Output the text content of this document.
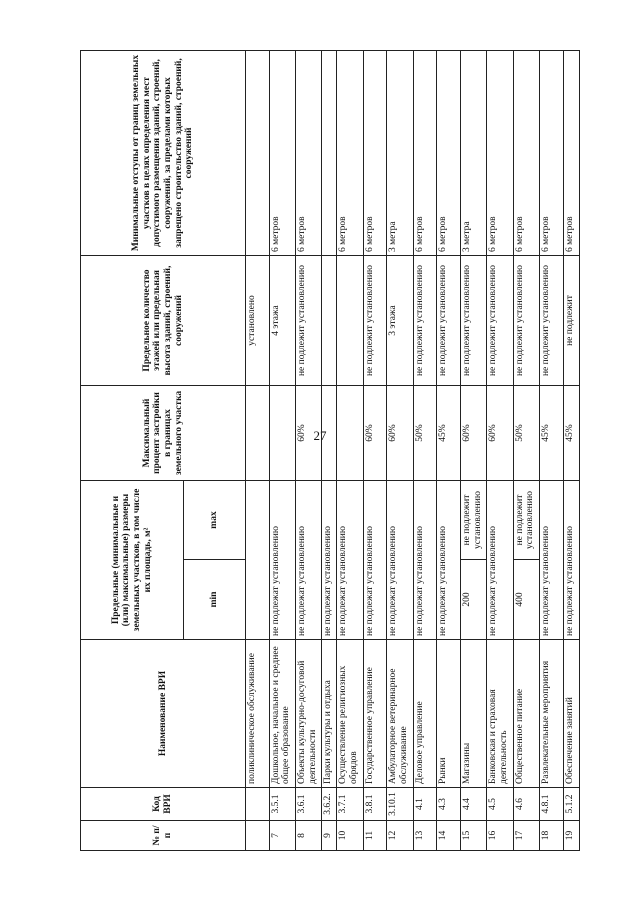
27
№ п/п	Код ВРИ	Наименование ВРИ	Предельные (минимальные и (или) максимальные) размеры земельных участков, в том числе их площадь, м²		Максимальный процент застройки в границах земельного участка	Предельное количество этажей или предельная высота зданий, строений, сооружений	Минимальные отступы от границ земельных участков в целях определения мест допустимого размещения зданий, строений, сооружений, за пределами которых запрещено строительство зданий, строений, сооружений
			min	max			
		поликлиническое обслуживание				установлено	
7	3.5.1	Дошкольное, начальное и среднее общее образование	не подлежат установлению			4 этажа	6 метров
8	3.6.1	Объекты культурно-досуговой деятельности	не подлежат установлению		60%	не подлежит установлению	6 метров
9	3.6.2.	Парки культуры и отдыха	не подлежат установлению				
10	3.7.1	Осуществление религиозных обрядов	не подлежат установлению				6 метров
11	3.8.1	Государственное управление	не подлежат установлению		60%	не подлежит установлению	6 метров
12	3.10.1	Амбулаторное ветеринарное обслуживание	не подлежат установлению		60%	3 этажа	3 метра
13	4.1	Деловое управление	не подлежат установлению		50%	не подлежит установлению	6 метров
14	4.3	Рынки	не подлежат установлению		45%	не подлежит установлению	6 метров
15	4.4	Магазины	200	не подлежит установлению	60%	не подлежит установлению	3 метра
16	4.5	Банковская и страховая деятельность	не подлежат установлению		60%	не подлежит установлению	6 метров
17	4.6	Общественное питание	400	не подлежит установлению	50%	не подлежит установлению	6 метров
18	4.8.1	Развлекательные мероприятия	не подлежат установлению		45%	не подлежит установлению	6 метров
19	5.1.2	Обеспечение занятий	не подлежат установлению		45%	не подлежит	6 метров
